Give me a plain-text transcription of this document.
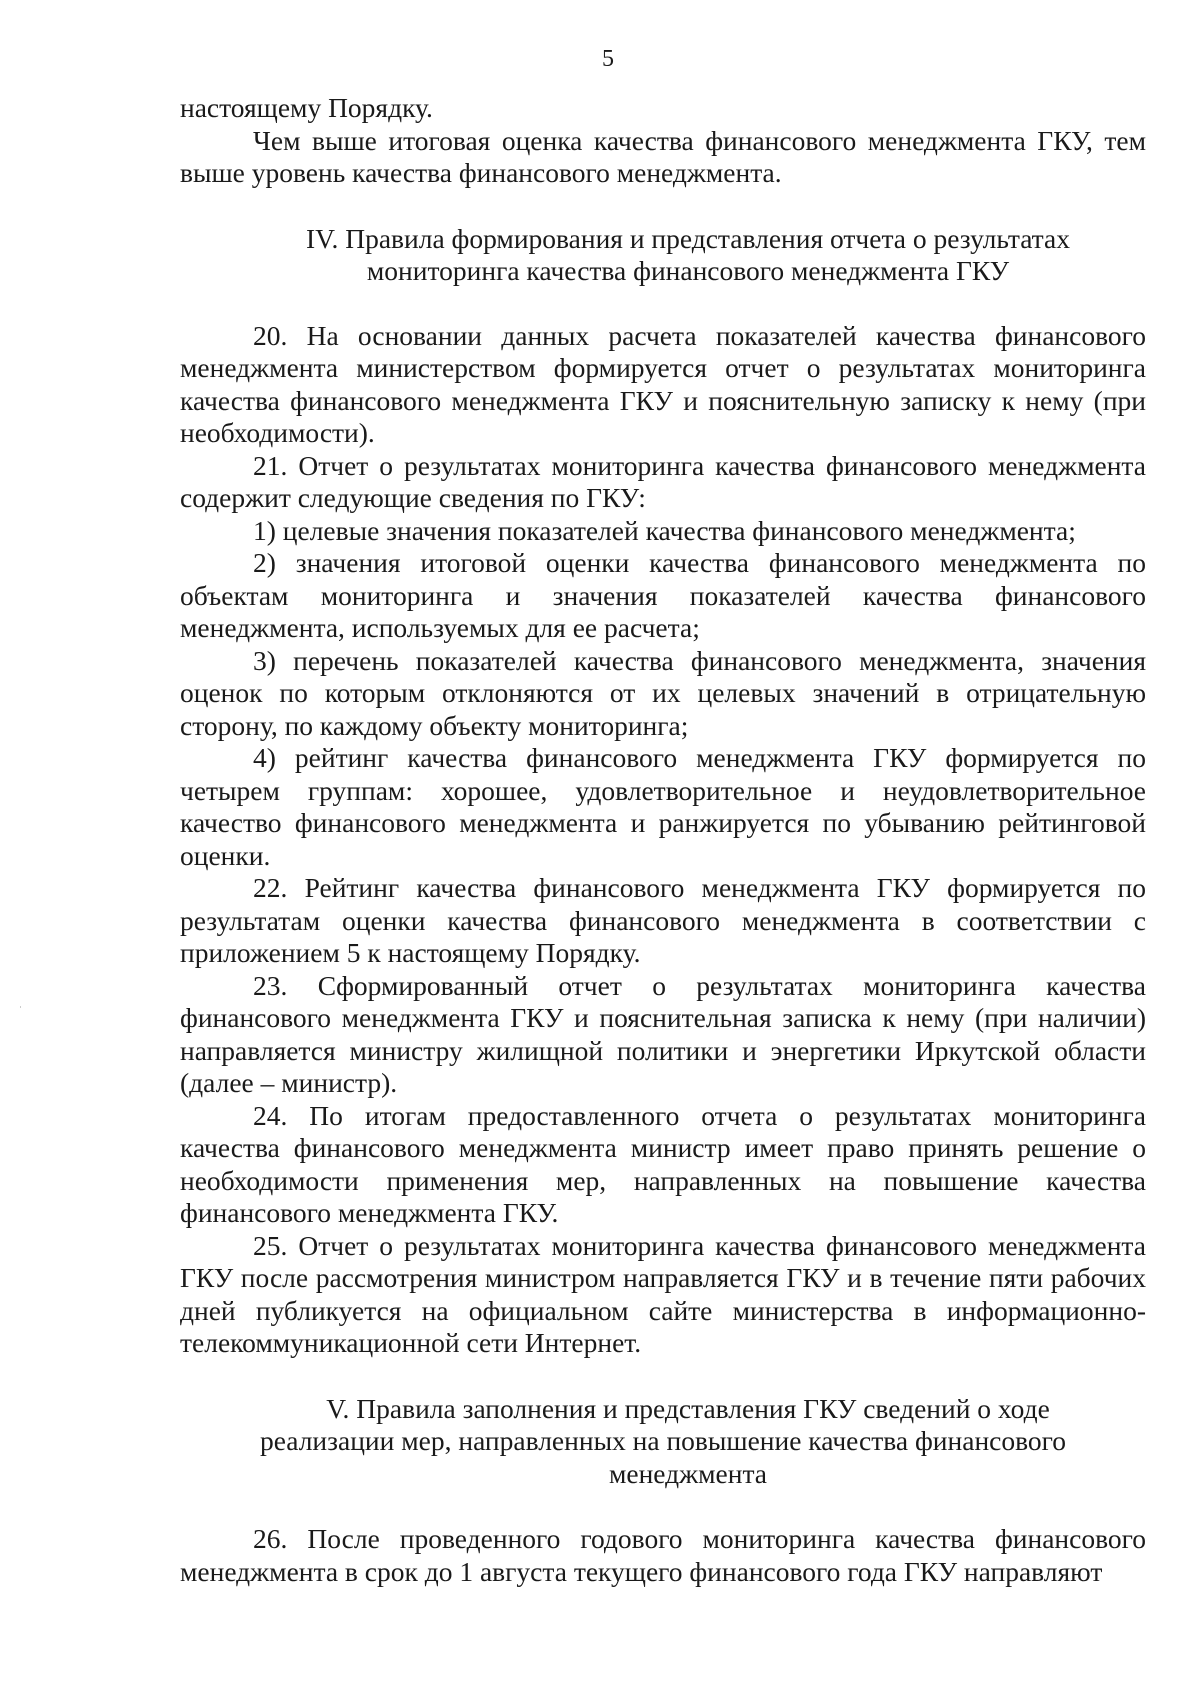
5

настоящему Порядку.

Чем выше итоговая оценка качества финансового менеджмента ГКУ, тем выше уровень качества финансового менеджмента.

IV. Правила формирования и представления отчета о результатах
мониторинга качества финансового менеджмента ГКУ

20. На основании данных расчета показателей качества финансового менеджмента министерством формируется отчет о результатах мониторинга качества финансового менеджмента ГКУ и пояснительную записку к нему (при необходимости).

21. Отчет о результатах мониторинга качества финансового менеджмента содержит следующие сведения по ГКУ:

1) целевые значения показателей качества финансового менеджмента;

2) значения итоговой оценки качества финансового менеджмента по объектам мониторинга и значения показателей качества финансового менеджмента, используемых для ее расчета;

3) перечень показателей качества финансового менеджмента, значения оценок по которым отклоняются от их целевых значений в отрицательную сторону, по каждому объекту мониторинга;

4) рейтинг качества финансового менеджмента ГКУ формируется по четырем группам: хорошее, удовлетворительное и неудовлетворительное качество финансового менеджмента и ранжируется по убыванию рейтинговой оценки.

22. Рейтинг качества финансового менеджмента ГКУ формируется по результатам оценки качества финансового менеджмента в соответствии с приложением 5 к настоящему Порядку.

23. Сформированный отчет о результатах мониторинга качества финансового менеджмента ГКУ и пояснительная записка к нему (при наличии) направляется министру жилищной политики и энергетики Иркутской области (далее – министр).

24. По итогам предоставленного отчета о результатах мониторинга качества финансового менеджмента министр имеет право принять решение о необходимости применения мер, направленных на повышение качества финансового менеджмента ГКУ.

25. Отчет о результатах мониторинга качества финансового менеджмента ГКУ после рассмотрения министром направляется ГКУ и в течение пяти рабочих дней публикуется на официальном сайте министерства в информационно-телекоммуникационной сети Интернет.

V. Правила заполнения и представления ГКУ сведений о ходе
реализации мер, направленных на повышение качества финансового
менеджмента

26. После проведенного годового мониторинга качества финансового менеджмента в срок до 1 августа текущего финансового года ГКУ направляют
